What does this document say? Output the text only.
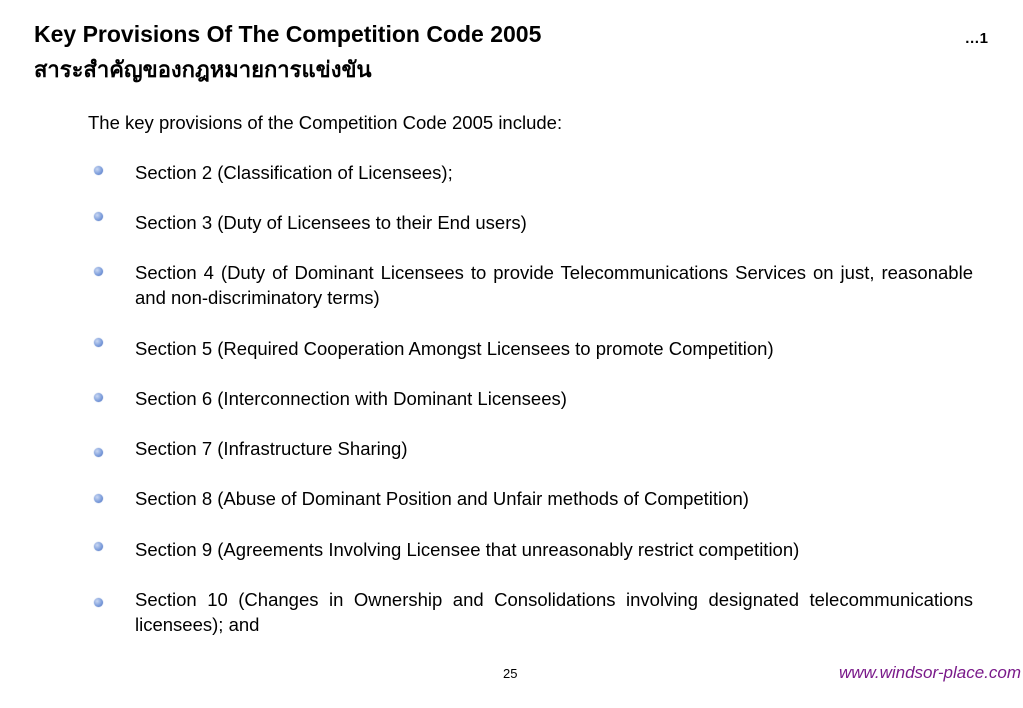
Key Provisions Of The Competition Code 2005	…1
สาระสำคัญของกฎหมายการแข่งขัน
The key provisions of the Competition Code 2005 include:
Section 2 (Classification of Licensees);
Section 3 (Duty of Licensees to their End users)
Section 4 (Duty of Dominant Licensees to provide Telecommunications Services on just, reasonable and non-discriminatory terms)
Section 5 (Required Cooperation Amongst Licensees to promote Competition)
Section 6 (Interconnection with Dominant Licensees)
Section 7 (Infrastructure Sharing)
Section 8 (Abuse of Dominant Position and Unfair methods of Competition)
Section 9 (Agreements Involving Licensee that unreasonably restrict competition)
Section 10 (Changes in Ownership and Consolidations involving designated telecommunications licensees); and
25	www.windsor-place.com
